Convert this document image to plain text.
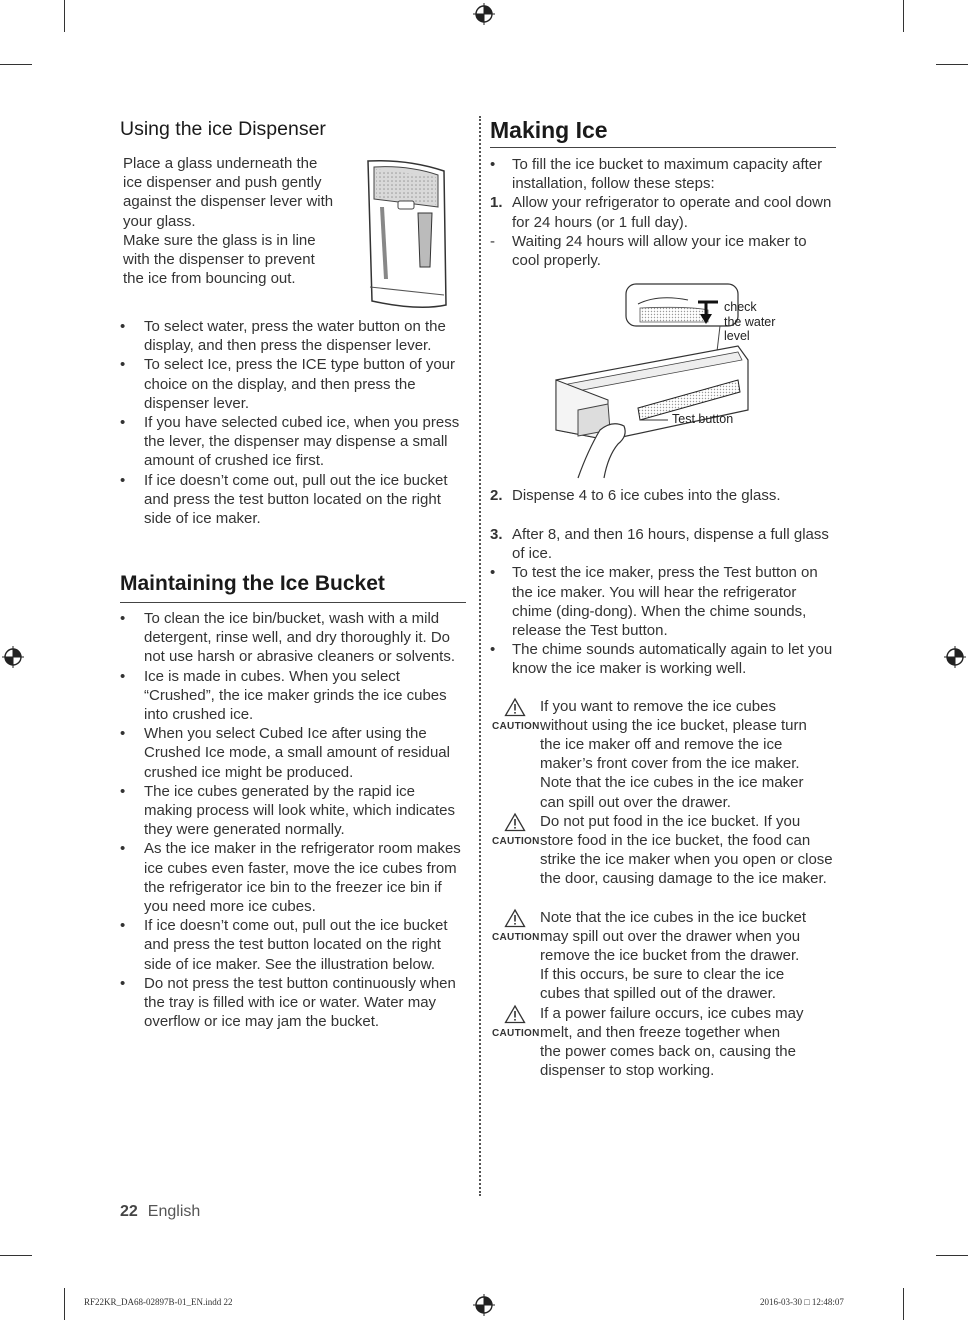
Using the ice Dispenser

Place a glass underneath the

ice dispenser and push gently

against the dispenser lever with

your glass.

Make sure the glass is in line

with the dispenser to prevent

the ice from bouncing out.

• To select water, press the water button on the display, and then press the dispenser lever.
• To select Ice, press the ICE type button of your choice on the display, and then press the dispenser lever.
• If you have selected cubed ice, when you press the lever, the dispenser may dispense a small amount of crushed ice first.
• If ice doesn’t come out, pull out the ice bucket and press the test button located on the right side of ice maker.
Maintaining the Ice Bucket
• To clean the ice bin/bucket, wash with a mild detergent, rinse well, and dry thoroughly it. Do not use harsh or abrasive cleaners or solvents.
• Ice is made in cubes. When you select “Crushed”, the ice maker grinds the ice cubes into crushed ice.
• When you select Cubed Ice after using the Crushed Ice mode, a small amount of residual crushed ice might be produced.
• The ice cubes generated by the rapid ice making process will look white, which indicates they were generated normally.
• As the ice maker in the refrigerator room makes ice cubes even faster, move the ice cubes from the refrigerator ice bin to the freezer ice bin if you need more ice cubes.
• If ice doesn’t come out, pull out the ice bucket and press the test button located on the right side of ice maker. See the illustration below.
• Do not press the test button continuously when the tray is filled with ice or water. Water may overflow or ice may jam the bucket.
Making Ice
• To fill the ice bucket to maximum capacity after installation, follow these steps:
1. Allow your refrigerator to operate and cool down for 24 hours (or 1 full day).
- Waiting 24 hours will allow your ice maker to cool properly.
check
the water
level
Test button
2. Dispense 4 to 6 ice cubes into the glass.
3. After 8, and then 16 hours, dispense a full glass of ice.
• To test the ice maker, press the Test button on the ice maker. You will hear the refrigerator chime (ding-dong). When the chime sounds, release the Test button.
• The chime sounds automatically again to let you know the ice maker is working well.
CAUTION
If you want to remove the ice cubes
without using the ice bucket, please turn
the ice maker off and remove the ice maker’s front cover from the ice maker. Note that the ice cubes in the ice maker can spill out over the drawer.
CAUTION
Do not put food in the ice bucket. If you
store food in the ice bucket, the food can
strike the ice maker when you open or close the door, causing damage to the ice maker.
CAUTION
Note that the ice cubes in the ice bucket
may spill out over the drawer when you
remove the ice bucket from the drawer. If this occurs, be sure to clear the ice cubes that spilled out of the drawer.
CAUTION
If a power failure occurs, ice cubes may
melt, and then freeze together when
the power comes back on, causing the dispenser to stop working.
22 English
RF22KR_DA68-02897B-01_EN.indd 22	2016-03-30 □ 12:48:07
